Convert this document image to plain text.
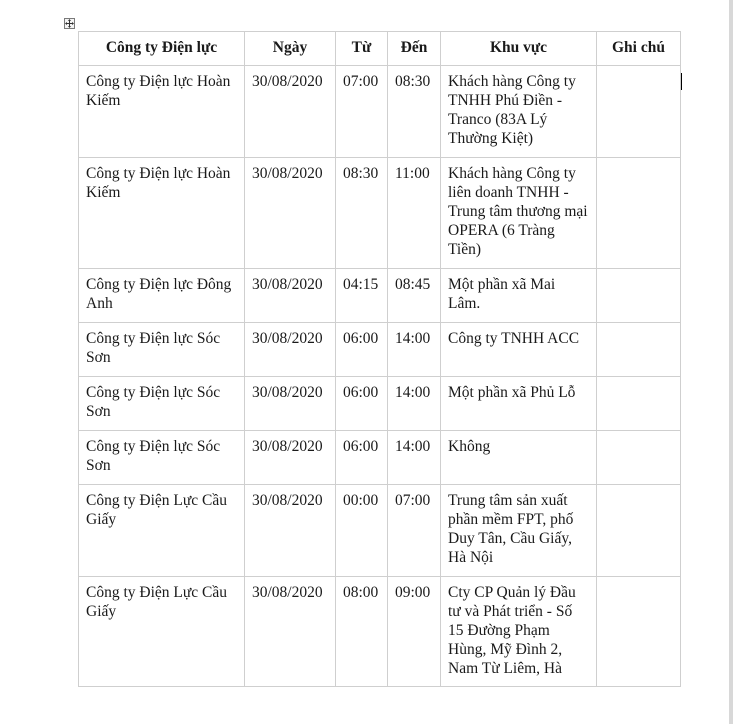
Công ty Điện lực	Ngày	Từ	Đến	Khu vực	Ghi chú
Công ty Điện lực Hoàn Kiếm	30/08/2020	07:00	08:30	Khách hàng Công ty TNHH Phú Điền - Tranco (83A Lý Thường Kiệt)	
Công ty Điện lực Hoàn Kiếm	30/08/2020	08:30	11:00	Khách hàng Công ty liên doanh TNHH - Trung tâm thương mại OPERA (6 Tràng Tiền)	
Công ty Điện lực Đông Anh	30/08/2020	04:15	08:45	Một phần xã Mai Lâm.	
Công ty Điện lực Sóc Sơn	30/08/2020	06:00	14:00	Công ty TNHH ACC	
Công ty Điện lực Sóc Sơn	30/08/2020	06:00	14:00	Một phần xã Phủ Lỗ	
Công ty Điện lực Sóc Sơn	30/08/2020	06:00	14:00	Không	
Công ty Điện Lực Cầu Giấy	30/08/2020	00:00	07:00	Trung tâm sản xuất phần mềm FPT, phố Duy Tân, Cầu Giấy, Hà Nội	
Công ty Điện Lực Cầu Giấy	30/08/2020	08:00	09:00	Cty CP Quản lý Đầu tư và Phát triển - Số 15 Đường Phạm Hùng, Mỹ Đình 2, Nam Từ Liêm, Hà	
